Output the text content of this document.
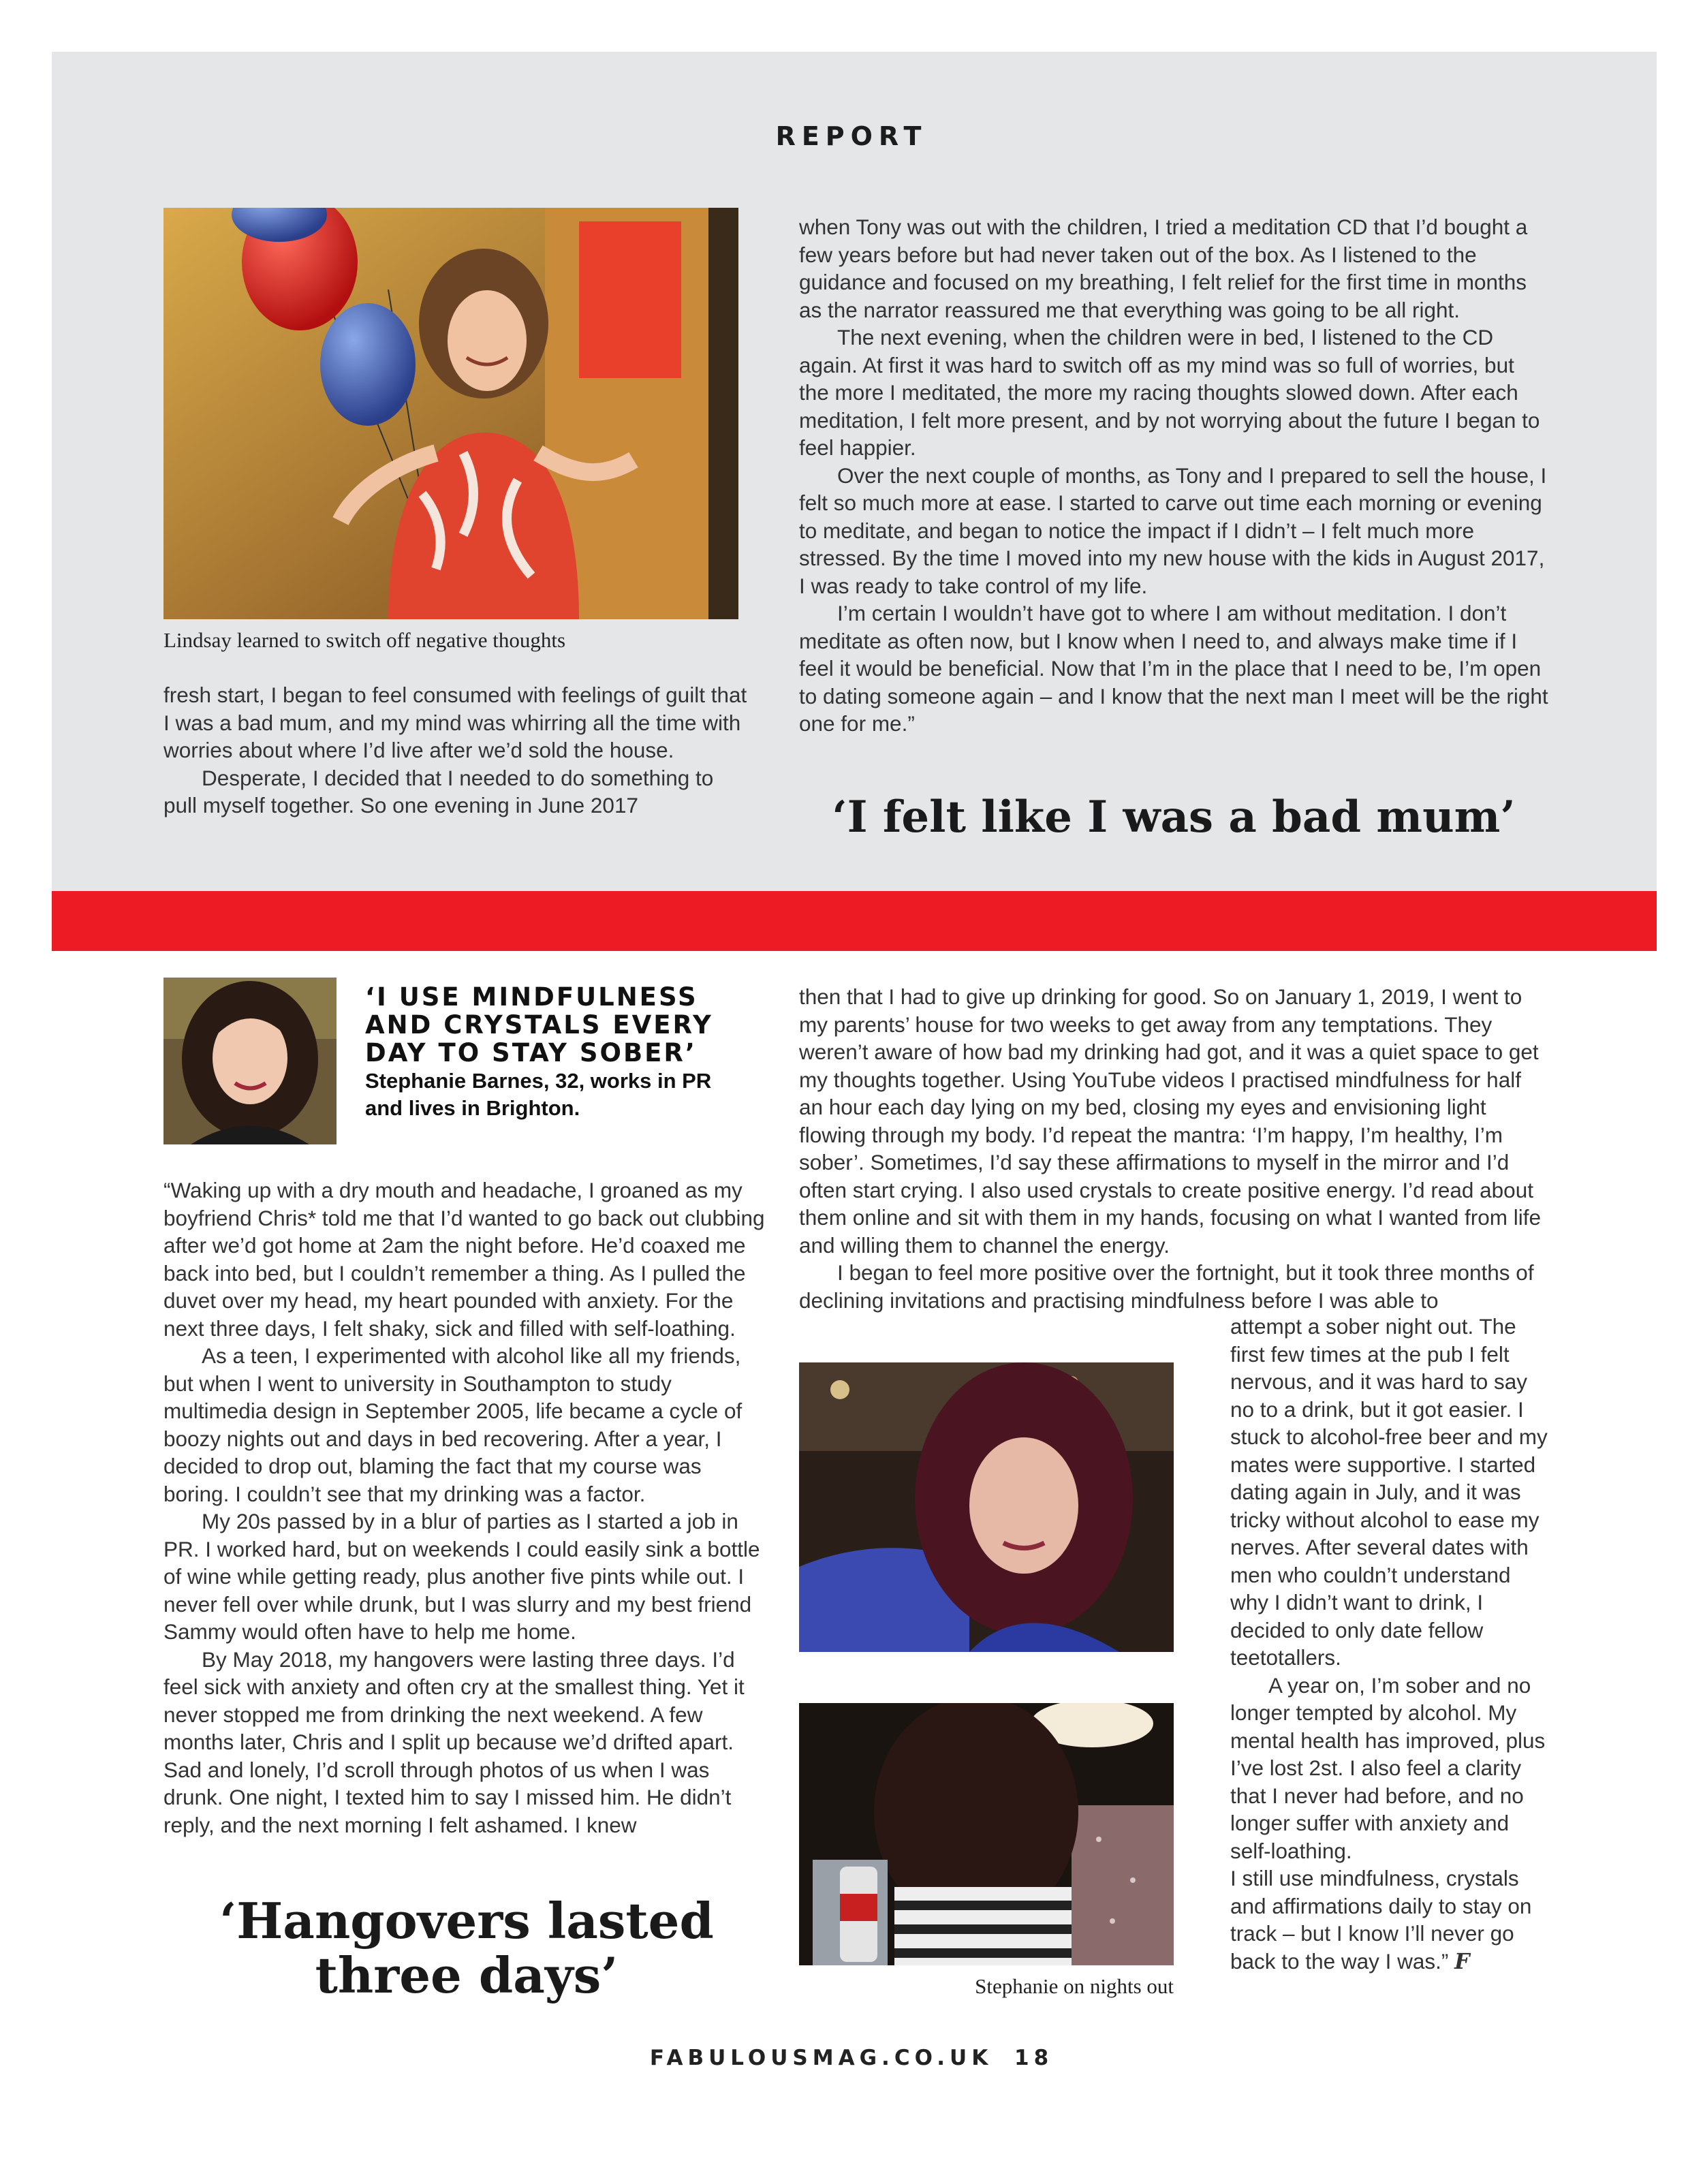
REPORT
Lindsay learned to switch off negative thoughts

fresh start, I began to feel consumed with feelings of guilt that I was a bad mum, and my mind was whirring all the time with worries about where I’d live after we’d sold the house.

Desperate, I decided that I needed to do something to pull myself together. So one evening in June 2017

when Tony was out with the children, I tried a meditation CD that I’d bought a few years before but had never taken out of the box. As I listened to the guidance and focused on my breathing, I felt relief for the first time in months as the narrator reassured me that everything was going to be all right.

The next evening, when the children were in bed, I listened to the CD again. At first it was hard to switch off as my mind was so full of worries, but the more I meditated, the more my racing thoughts slowed down. After each meditation, I felt more present, and by not worrying about the future I began to feel happier.

Over the next couple of months, as Tony and I prepared to sell the house, I felt so much more at ease. I started to carve out time each morning or evening to meditate, and began to notice the impact if I didn’t – I felt much more stressed. By the time I moved into my new house with the kids in August 2017, I was ready to take control of my life.

I’m certain I wouldn’t have got to where I am without meditation. I don’t meditate as often now, but I know when I need to, and always make time if I feel it would be beneficial. Now that I’m in the place that I need to be, I’m open to dating someone again – and I know that the next man I meet will be the right one for me.”

‘I felt like I was a bad mum’
‘I USE MINDFULNESS AND CRYSTALS EVERY DAY TO STAY SOBER’
Stephanie Barnes, 32, works in PR and lives in Brighton.

“Waking up with a dry mouth and headache, I groaned as my boyfriend Chris* told me that I’d wanted to go back out clubbing after we’d got home at 2am the night before. He’d coaxed me back into bed, but I couldn’t remember a thing. As I pulled the duvet over my head, my heart pounded with anxiety. For the next three days, I felt shaky, sick and filled with self-loathing.

As a teen, I experimented with alcohol like all my friends, but when I went to university in Southampton to study multimedia design in September 2005, life became a cycle of boozy nights out and days in bed recovering. After a year, I decided to drop out, blaming the fact that my course was boring. I couldn’t see that my drinking was a factor.

My 20s passed by in a blur of parties as I started a job in PR. I worked hard, but on weekends I could easily sink a bottle of wine while getting ready, plus another five pints while out. I never fell over while drunk, but I was slurry and my best friend Sammy would often have to help me home.

By May 2018, my hangovers were lasting three days. I’d feel sick with anxiety and often cry at the smallest thing. Yet it never stopped me from drinking the next weekend. A few months later, Chris and I split up because we’d drifted apart. Sad and lonely, I’d scroll through photos of us when I was drunk. One night, I texted him to say I missed him. He didn’t reply, and the next morning I felt ashamed. I knew

‘Hangovers lasted
three days’

then that I had to give up drinking for good. So on January 1, 2019, I went to my parents’ house for two weeks to get away from any temptations. They weren’t aware of how bad my drinking had got, and it was a quiet space to get my thoughts together. Using YouTube videos I practised mindfulness for half an hour each day lying on my bed, closing my eyes and envisioning light flowing through my body. I’d repeat the mantra: ‘I’m happy, I’m healthy, I’m sober’. Sometimes, I’d say these affirmations to myself in the mirror and I’d often start crying. I also used crystals to create positive energy. I’d read about them online and sit with them in my hands, focusing on what I wanted from life and willing them to channel the energy.

I began to feel more positive over the fortnight, but it took three months of declining invitations and practising mindfulness before I was able to

Stephanie on nights out

attempt a sober night out. The first few times at the pub I felt nervous, and it was hard to say no to a drink, but it got easier. I stuck to alcohol-free beer and my mates were supportive. I started dating again in July, and it was tricky without alcohol to ease my nerves. After several dates with men who couldn’t understand why I didn’t want to drink, I decided to only date fellow teetotallers.

A year on, I’m sober and no longer tempted by alcohol. My mental health has improved, plus I’ve lost 2st. I also feel a clarity that I never had before, and no longer suffer with anxiety and self-loathing.

I still use mindfulness, crystals and affirmations daily to stay on track – but I know I’ll never go back to the way I was.” F

FABULOUSMAG.CO.UK 18
